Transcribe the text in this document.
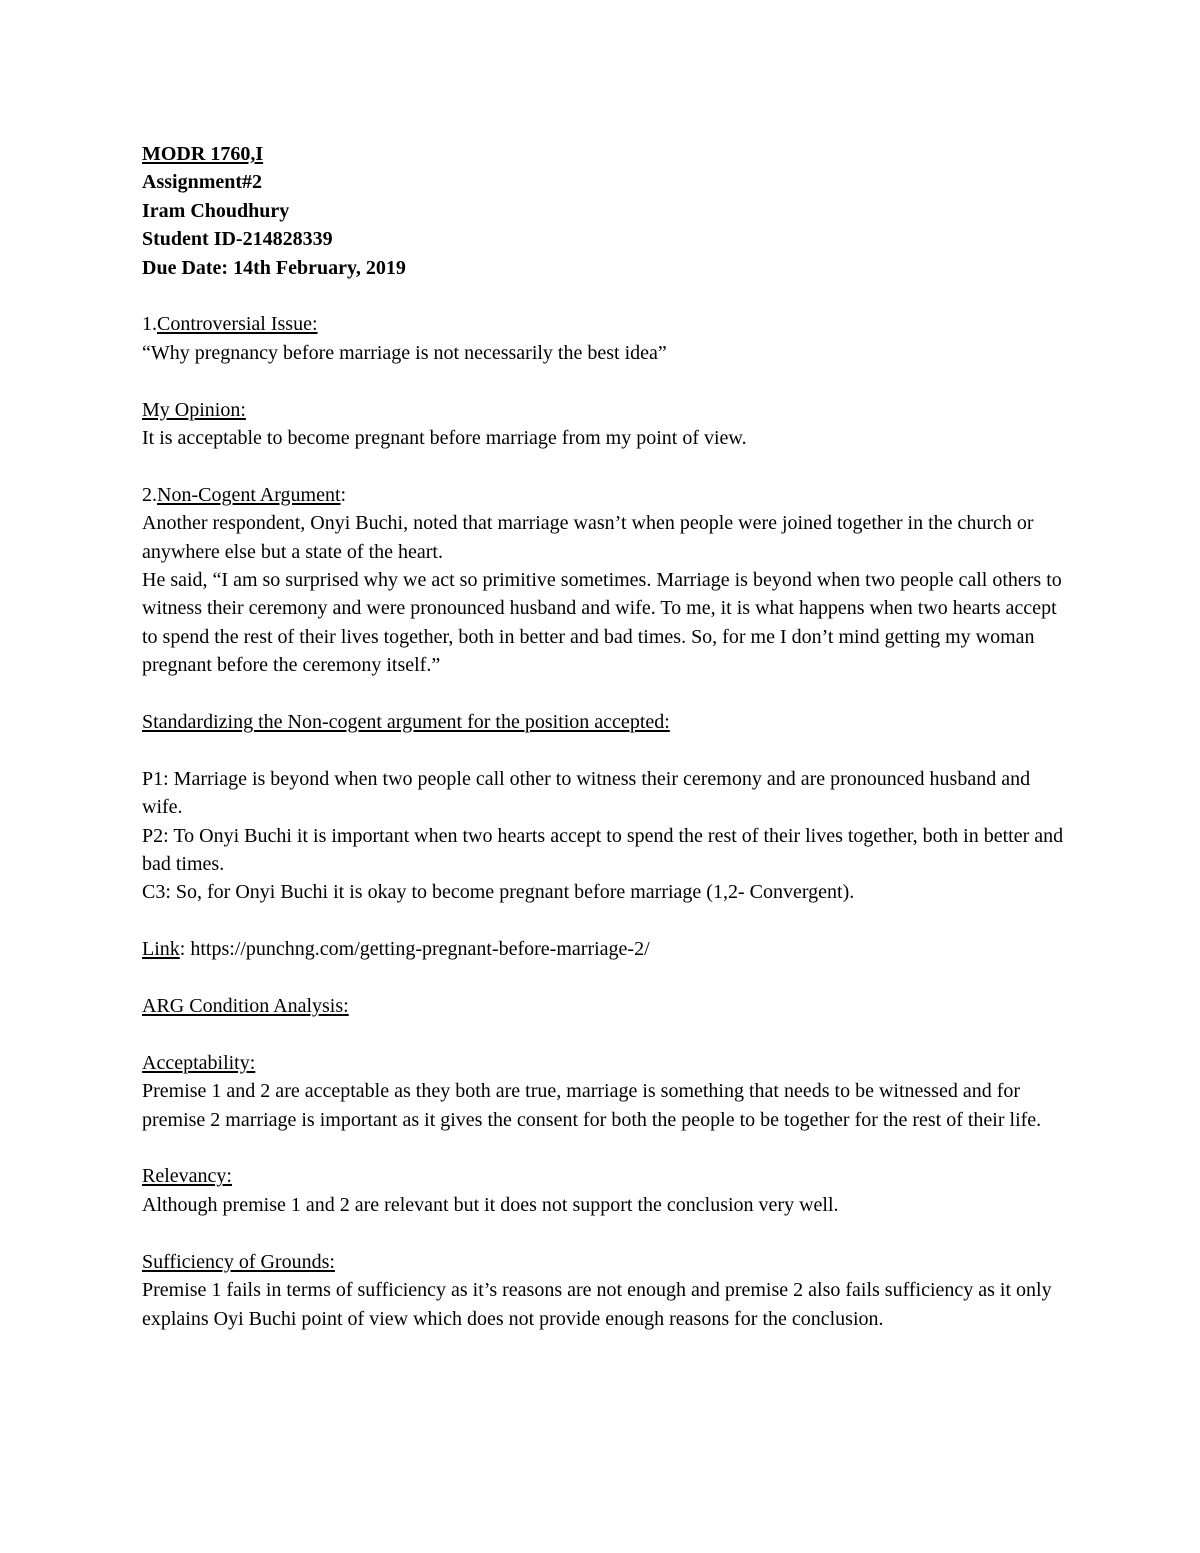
MODR 1760,I
Assignment#2
Iram Choudhury
Student ID-214828339
Due Date: 14th February, 2019

1.Controversial Issue:

“Why pregnancy before marriage is not necessarily the best idea”

My Opinion:

It is acceptable to become pregnant before marriage from my point of view.

2.Non-Cogent Argument:

Another respondent, Onyi Buchi, noted that marriage wasn’t when people were joined together in the church or anywhere else but a state of the heart.

He said, “I am so surprised why we act so primitive sometimes. Marriage is beyond when two people call others to witness their ceremony and were pronounced husband and wife. To me, it is what happens when two hearts accept to spend the rest of their lives together, both in better and bad times. So, for me I don’t mind getting my woman pregnant before the ceremony itself.”

Standardizing the Non-cogent argument for the position accepted:

P1: Marriage is beyond when two people call other to witness their ceremony and are pronounced husband and wife.

P2: To Onyi Buchi it is important when two hearts accept to spend the rest of their lives together, both in better and bad times.

C3: So, for Onyi Buchi it is okay to become pregnant before marriage (1,2- Convergent).

Link: https://punchng.com/getting-pregnant-before-marriage-2/

ARG Condition Analysis:

Acceptability:

Premise 1 and 2 are acceptable as they both are true, marriage is something that needs to be witnessed and for premise 2 marriage is important as it gives the consent for both the people to be together for the rest of their life.

Relevancy:

Although premise 1 and 2 are relevant but it does not support the conclusion very well.

Sufficiency of Grounds:

Premise 1 fails in terms of sufficiency as it’s reasons are not enough and premise 2 also fails sufficiency as it only explains Oyi Buchi point of view which does not provide enough reasons for the conclusion.
